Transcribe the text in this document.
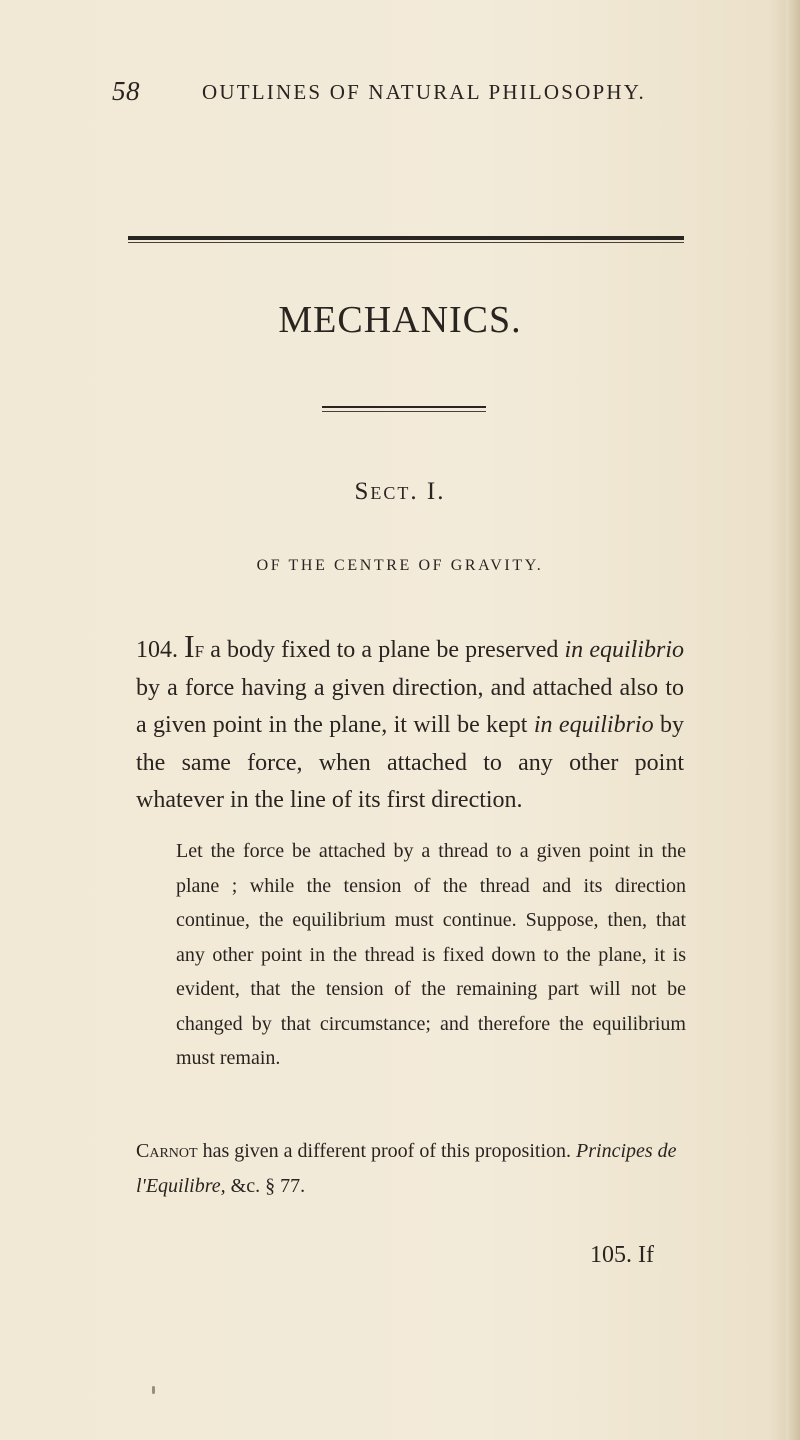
58	OUTLINES OF NATURAL PHILOSOPHY.
MECHANICS.
Sect. I.
OF THE CENTRE OF GRAVITY.
104. If a body fixed to a plane be preserved in equilibrio by a force having a given direction, and attached also to a given point in the plane, it will be kept in equilibrio by the same force, when attached to any other point whatever in the line of its first direction.
Let the force be attached by a thread to a given point in the plane ; while the tension of the thread and its direction continue, the equilibrium must continue. Suppose, then, that any other point in the thread is fixed down to the plane, it is evident, that the tension of the remaining part will not be changed by that circumstance; and therefore the equilibrium must remain.
Carnot has given a different proof of this proposition. Principes de l'Equilibre, &c. § 77.
105. If
